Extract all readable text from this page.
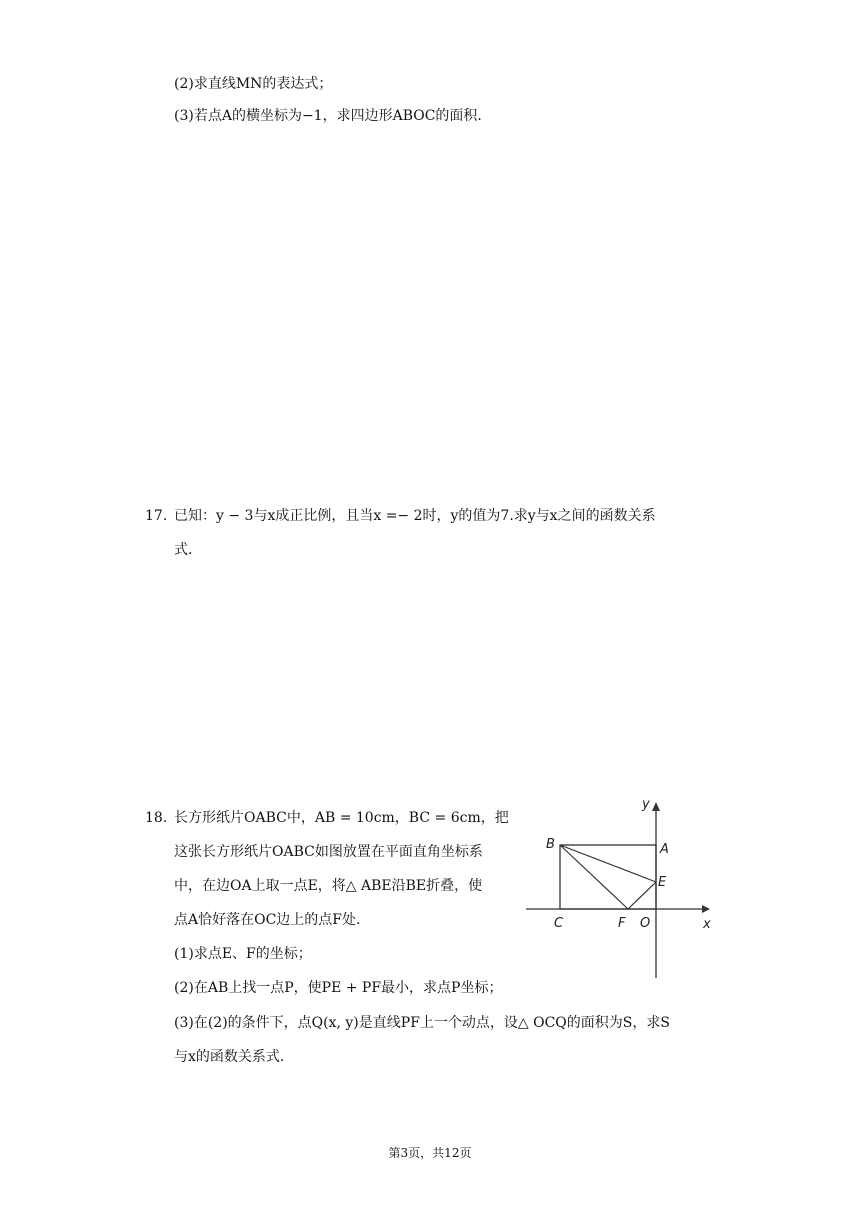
(2)求直线MN的表达式；
(3)若点A的横坐标为−1，求四边形ABOC的面积．
17. 已知：y − 3与x成正比例，且当x =− 2时，y的值为7.求y与x之间的函数关系
式．
18. 长方形纸片OABC中，AB = 10cm，BC = 6cm，把
这张长方形纸片OABC如图放置在平面直角坐标系
中，在边OA上取一点E，将△ ABE沿BE折叠，使
点A恰好落在OC边上的点F处．
(1)求点E、F的坐标；
(2)在AB上找一点P，使PE + PF最小，求点P坐标；
(3)在(2)的条件下，点Q(x, y)是直线PF上一个动点，设△ OCQ的面积为S，求S
与x的函数关系式．
y
x
B	A
E
C	F O
第3页，共12页
